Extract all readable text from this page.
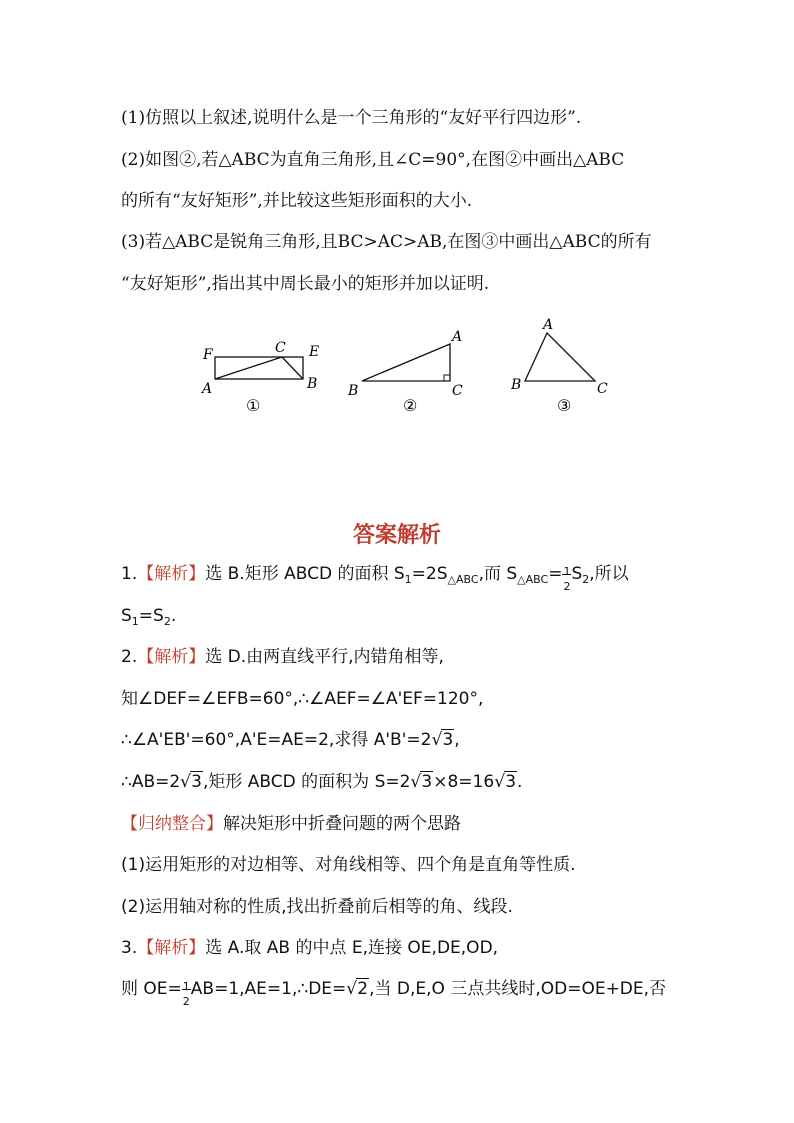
(1)仿照以上叙述,说明什么是一个三角形的“友好平行四边形”.
(2)如图②,若△ABC为直角三角形,且∠C=90°,在图②中画出△ABC
的所有“友好矩形”,并比较这些矩形面积的大小.
(3)若△ABC是锐角三角形,且BC>AC>AB,在图③中画出△ABC的所有
“友好矩形”,指出其中周长最小的矩形并加以证明.
F	C E
A	B
①
A
B	C
②
A
B	C
③
答案解析
1.【解析】选 B.矩形 ABCD 的面积 $S_1=2S_{\triangle ABC}$,而 $S_{\triangle ABC}= 1$
2
$S_2$,所以
$S_1=S_2$.
2.【解析】选 D.由两直线平行,内错角相等,
知∠DEF=∠EFB=60°,∴∠AEF=∠A'EF=120°,
∴∠A'EB'=60°,A'E=AE=2,求得 A'B'=2 √ 3,
∴AB=2 √ 3,矩形 ABCD 的面积为 S=2 √ 3×8=16 √ 3.
【归纳整合】解决矩形中折叠问题的两个思路
(1)运用矩形的对边相等、对角线相等、四个角是直角等性质.
(2)运用轴对称的性质,找出折叠前后相等的角、线段.
3.【解析】选 A.取 AB 的中点 E,连接 OE,DE,OD,
则 OE= 1
2
AB=1,AE=1,∴DE= √ 2,当 D,E,O 三点共线时,OD=OE+DE,否
